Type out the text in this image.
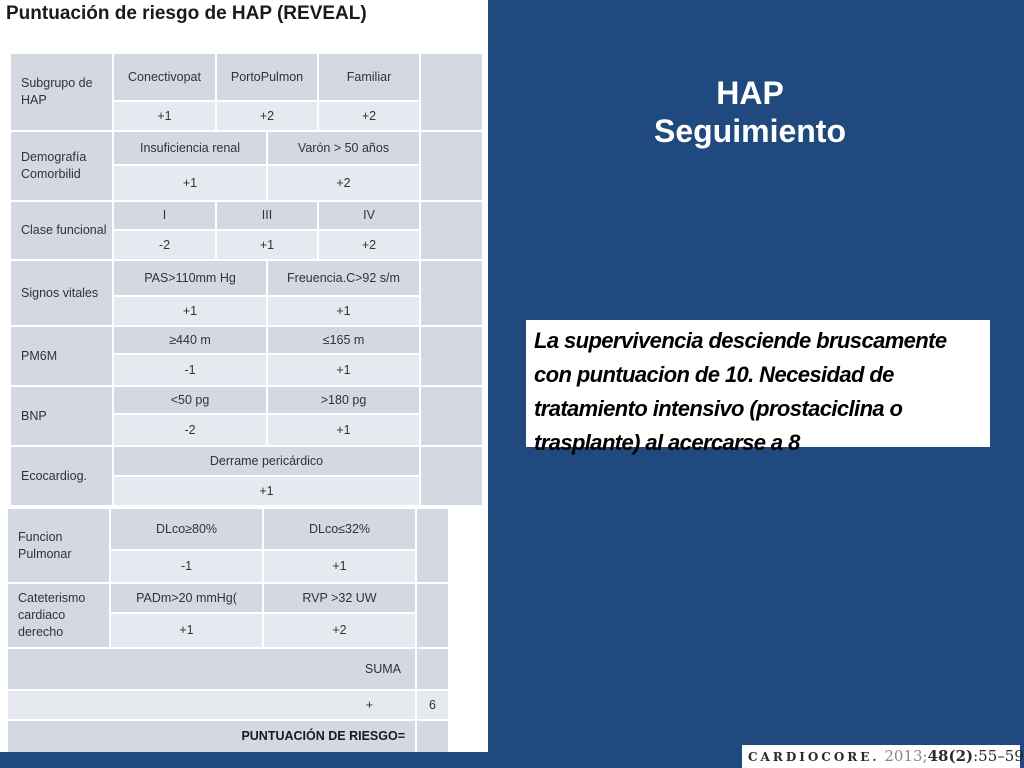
Puntuación de riesgo de HAP (REVEAL)
Subgrupo de HAP	Conectivopat	PortoPulmon		Familiar	
	+1	+2		+2	
Demografía Comorbilid	Insuficiencia renal		Varón > 50 años		
	+1		+2		
Clase funcional	I	III		IV	
	-2	+1		+2	
Signos vitales	PAS>110mm Hg		Freuencia.C>92 s/m		
	+1		+1		
PM6M	≥440 m		≤165 m		
	-1		+1		
BNP	<50 pg		>180 pg		
	-2		+1		
Ecocardiog.	Derrame pericárdico				
	+1				
Funcion Pulmonar	DLco≥80%	DLco≤32%	
	-1	+1	
Cateterismo cardiaco derecho	PADm>20 mmHg(	RVP >32 UW	
	+1	+2	
SUMA			
+			6
PUNTUACIÓN DE RIESGO=			
HAP
Seguimiento
La supervivencia desciende bruscamente con puntuacion de 10. Necesidad de tratamiento intensivo (prostaciclina o trasplante) al acercarse a 8
CARDIOCORE. 2013;48(2):55–59
